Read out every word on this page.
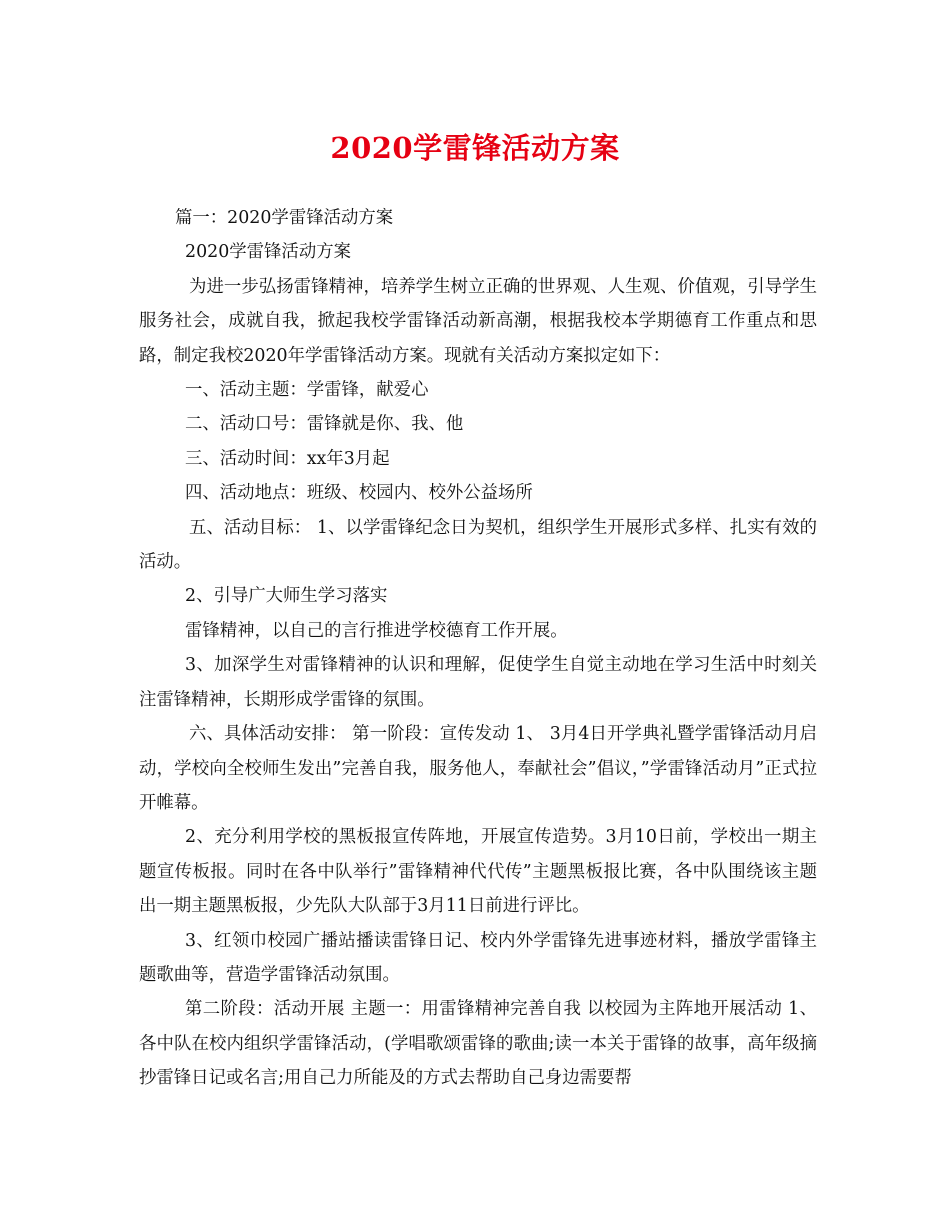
2020学雷锋活动方案

篇一：2020学雷锋活动方案

2020学雷锋活动方案

为进一步弘扬雷锋精神，培养学生树立正确的世界观、人生观、价值观，引导学生服务社会，成就自我，掀起我校学雷锋活动新高潮，根据我校本学期德育工作重点和思路，制定我校2020年学雷锋活动方案。现就有关活动方案拟定如下：

一、活动主题：学雷锋，献爱心

二、活动口号：雷锋就是你、我、他

三、活动时间：xx年3月起

四、活动地点：班级、校园内、校外公益场所

五、活动目标： 1、以学雷锋纪念日为契机，组织学生开展形式多样、扎实有效的活动。

2、引导广大师生学习落实

雷锋精神，以自己的言行推进学校德育工作开展。

3、加深学生对雷锋精神的认识和理解，促使学生自觉主动地在学习生活中时刻关注雷锋精神，长期形成学雷锋的氛围。

六、具体活动安排： 第一阶段：宣传发动 1、 3月4日开学典礼暨学雷锋活动月启动，学校向全校师生发出”完善自我，服务他人，奉献社会”倡议，”学雷锋活动月”正式拉开帷幕。

2、充分利用学校的黑板报宣传阵地，开展宣传造势。3月10日前，学校出一期主题宣传板报。同时在各中队举行”雷锋精神代代传”主题黑板报比赛，各中队围绕该主题出一期主题黑板报，少先队大队部于3月11日前进行评比。

3、红领巾校园广播站播读雷锋日记、校内外学雷锋先进事迹材料，播放学雷锋主题歌曲等，营造学雷锋活动氛围。

第二阶段：活动开展 主题一：用雷锋精神完善自我 以校园为主阵地开展活动 1、各中队在校内组织学雷锋活动，(学唱歌颂雷锋的歌曲;读一本关于雷锋的故事，高年级摘抄雷锋日记或名言;用自己力所能及的方式去帮助自己身边需要帮
